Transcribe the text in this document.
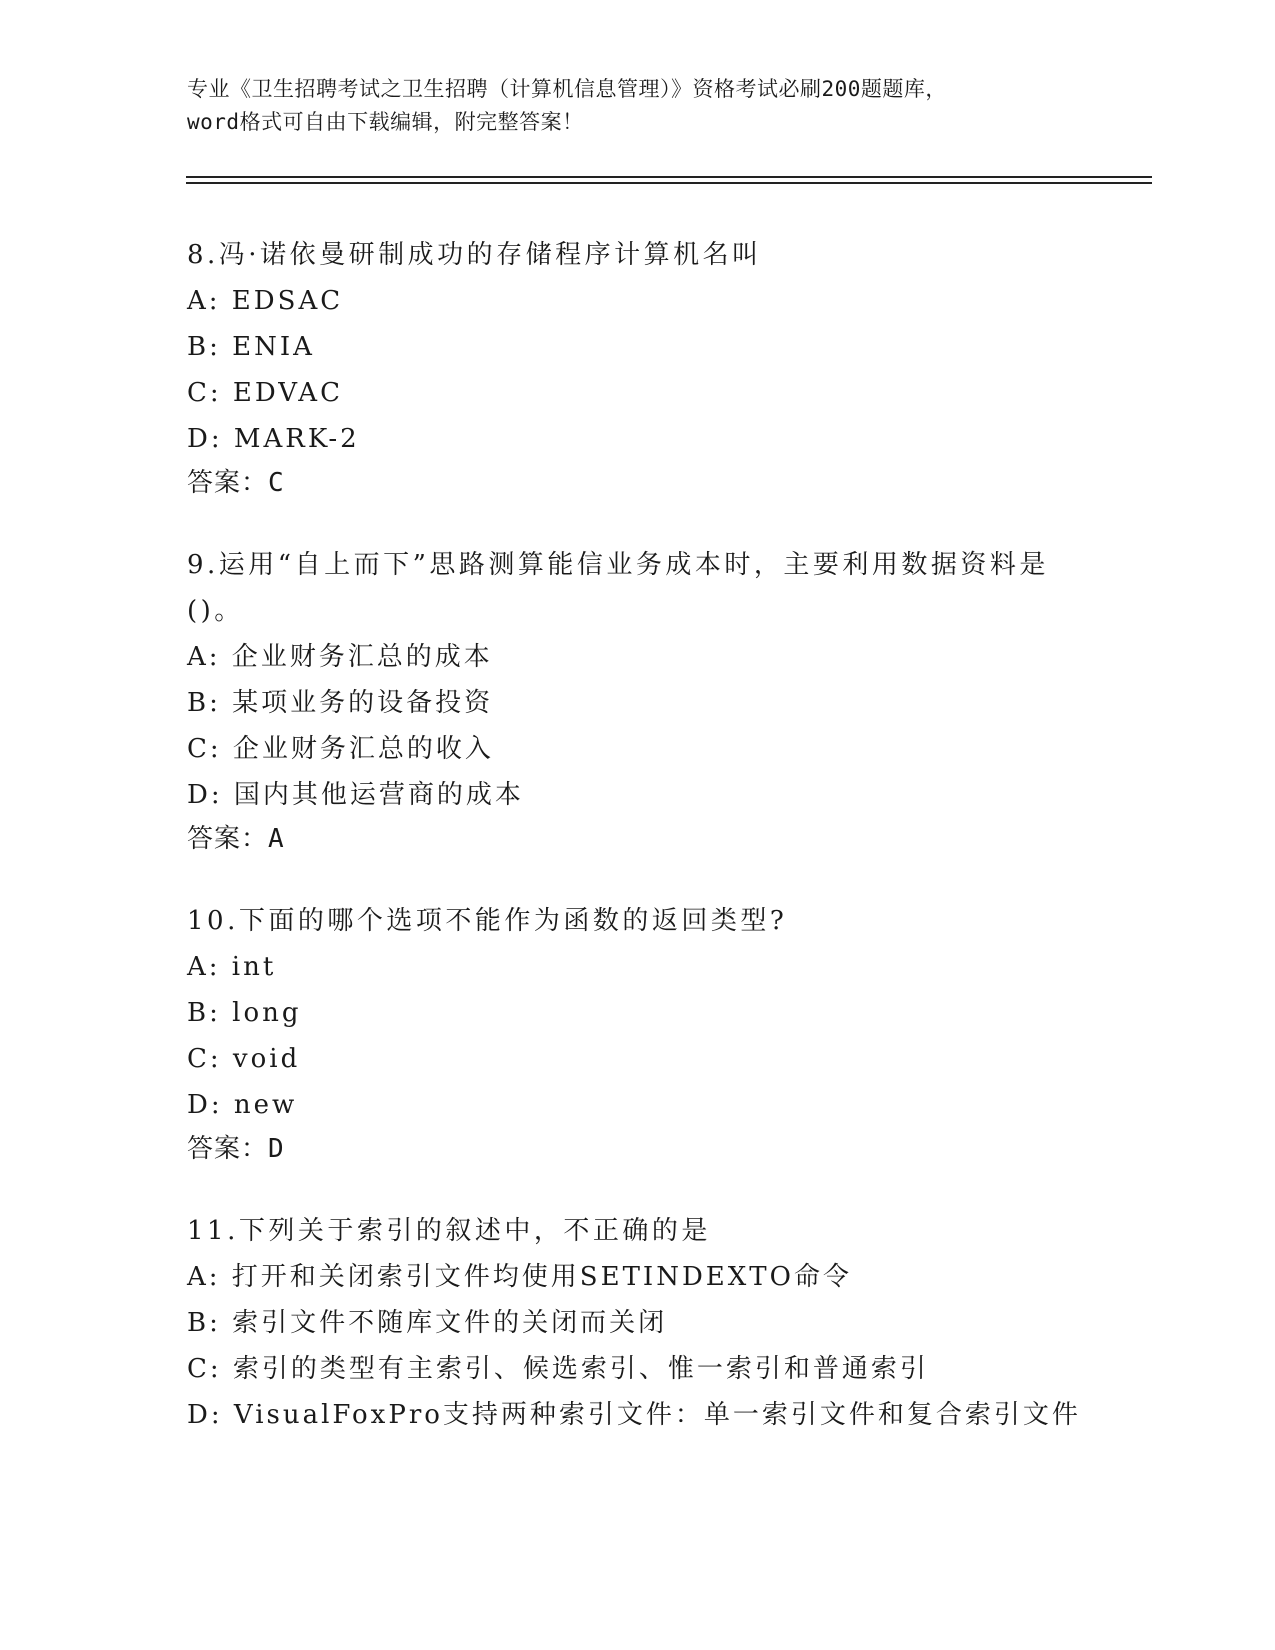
专业《卫生招聘考试之卫生招聘（计算机信息管理）》资格考试必刷200题题库，
word格式可自由下载编辑，附完整答案！
8.冯·诺依曼研制成功的存储程序计算机名叫
A: EDSAC
B: ENIA
C: EDVAC
D: MARK-2
答案：C
9.运用“自上而下”思路测算能信业务成本时，主要利用数据资料是()。
A: 企业财务汇总的成本
B: 某项业务的设备投资
C: 企业财务汇总的收入
D: 国内其他运营商的成本
答案：A
10.下面的哪个选项不能作为函数的返回类型?
A: int
B: long
C: void
D: new
答案：D
11.下列关于索引的叙述中，不正确的是
A: 打开和关闭索引文件均使用SETINDEXTO命令
B: 索引文件不随库文件的关闭而关闭
C: 索引的类型有主索引、候选索引、惟一索引和普通索引
D: VisualFoxPro支持两种索引文件：单一索引文件和复合索引文件
